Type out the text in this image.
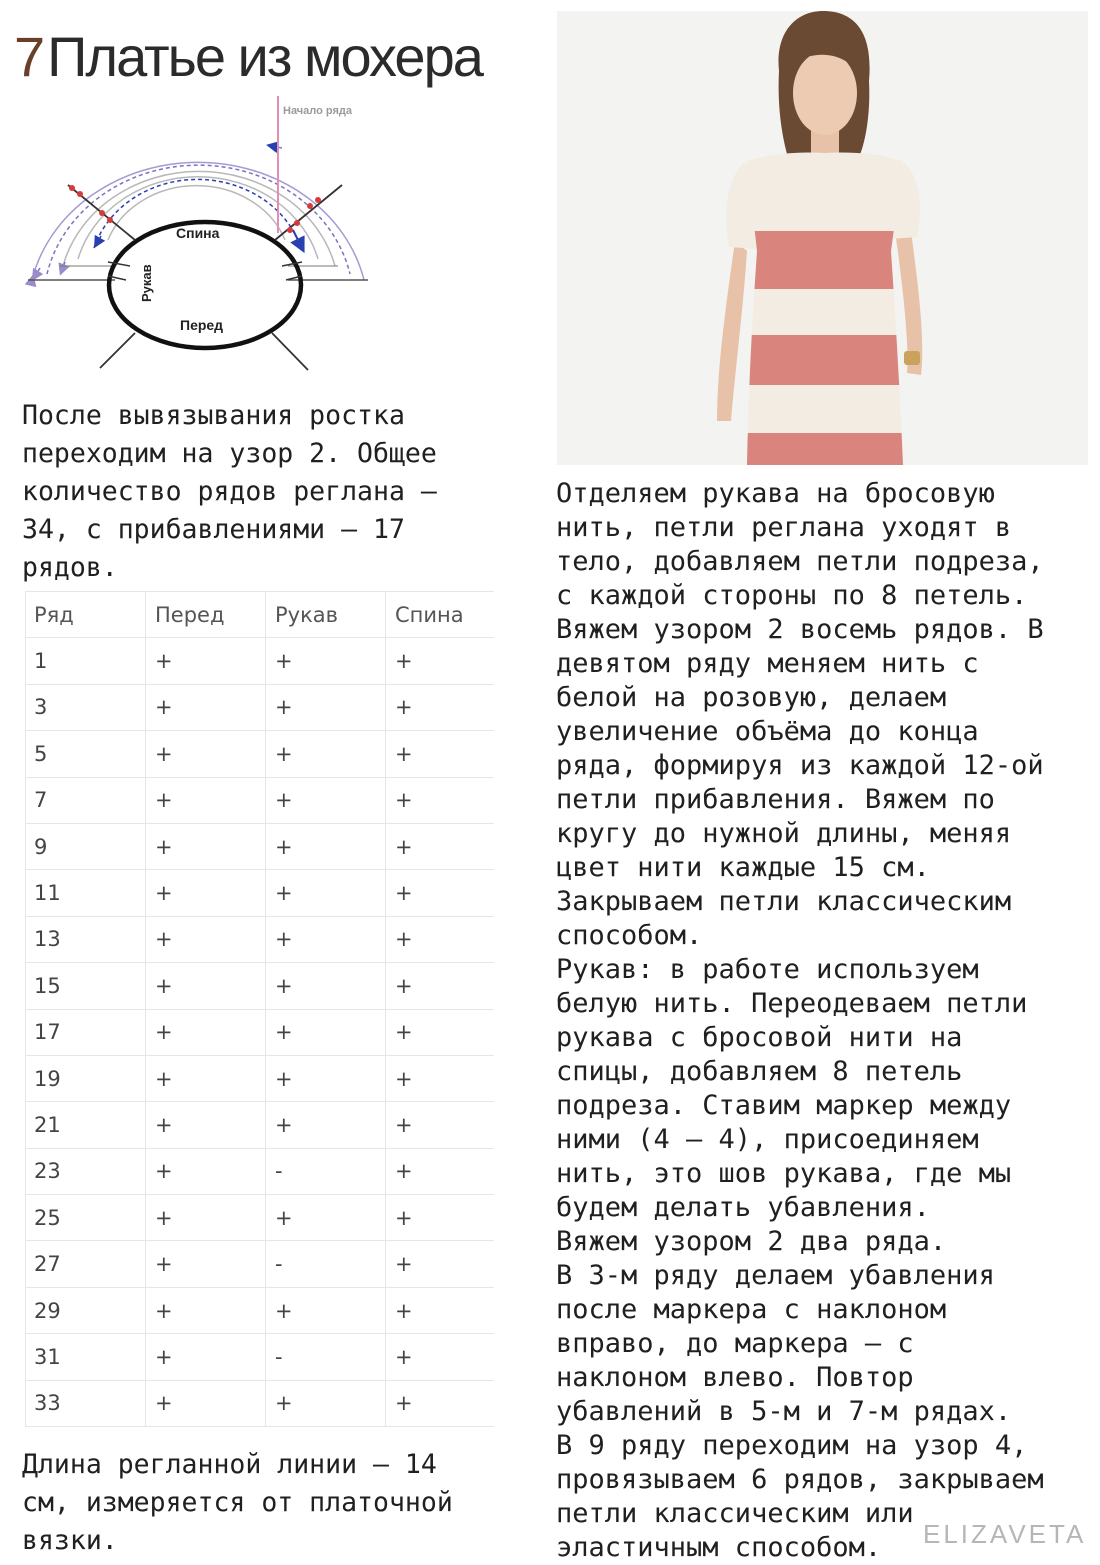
7Платье из мохера
Начало ряда
Спина
Перед
Рукав

После вывязывания ростка
переходим на узор 2. Общее
количество рядов реглана –
34, с прибавлениями – 17
рядов.

Ряд	Перед	Рукав	Спина
1	+	+	+
3	+	+	+
5	+	+	+
7	+	+	+
9	+	+	+
11	+	+	+
13	+	+	+
15	+	+	+
17	+	+	+
19	+	+	+
21	+	+	+
23	+	-	+
25	+	+	+
27	+	-	+
29	+	+	+
31	+	-	+
33	+	+	+

Длина регланной линии – 14
см, измеряется от платочной
вязки.

Отделяем рукава на бросовую
нить, петли реглана уходят в
тело, добавляем петли подреза,
с каждой стороны по 8 петель.
Вяжем узором 2 восемь рядов. В
девятом ряду меняем нить с
белой на розовую, делаем
увеличение объёма до конца
ряда, формируя из каждой 12-ой
петли прибавления. Вяжем по
кругу до нужной длины, меняя
цвет нити каждые 15 см.
Закрываем петли классическим
способом.
Рукав: в работе используем
белую нить. Переодеваем петли
рукава с бросовой нити на
спицы, добавляем 8 петель
подреза. Ставим маркер между
ними (4 – 4), присоединяем
нить, это шов рукава, где мы
будем делать убавления.
Вяжем узором 2 два ряда.
В 3-м ряду делаем убавления
после маркера с наклоном
вправо, до маркера – с
наклоном влево. Повтор
убавлений в 5-м и 7-м рядах.
В 9 ряду переходим на узор 4,
провязываем 6 рядов, закрываем
петли классическим или
эластичным способом.	ELIZAVETA
